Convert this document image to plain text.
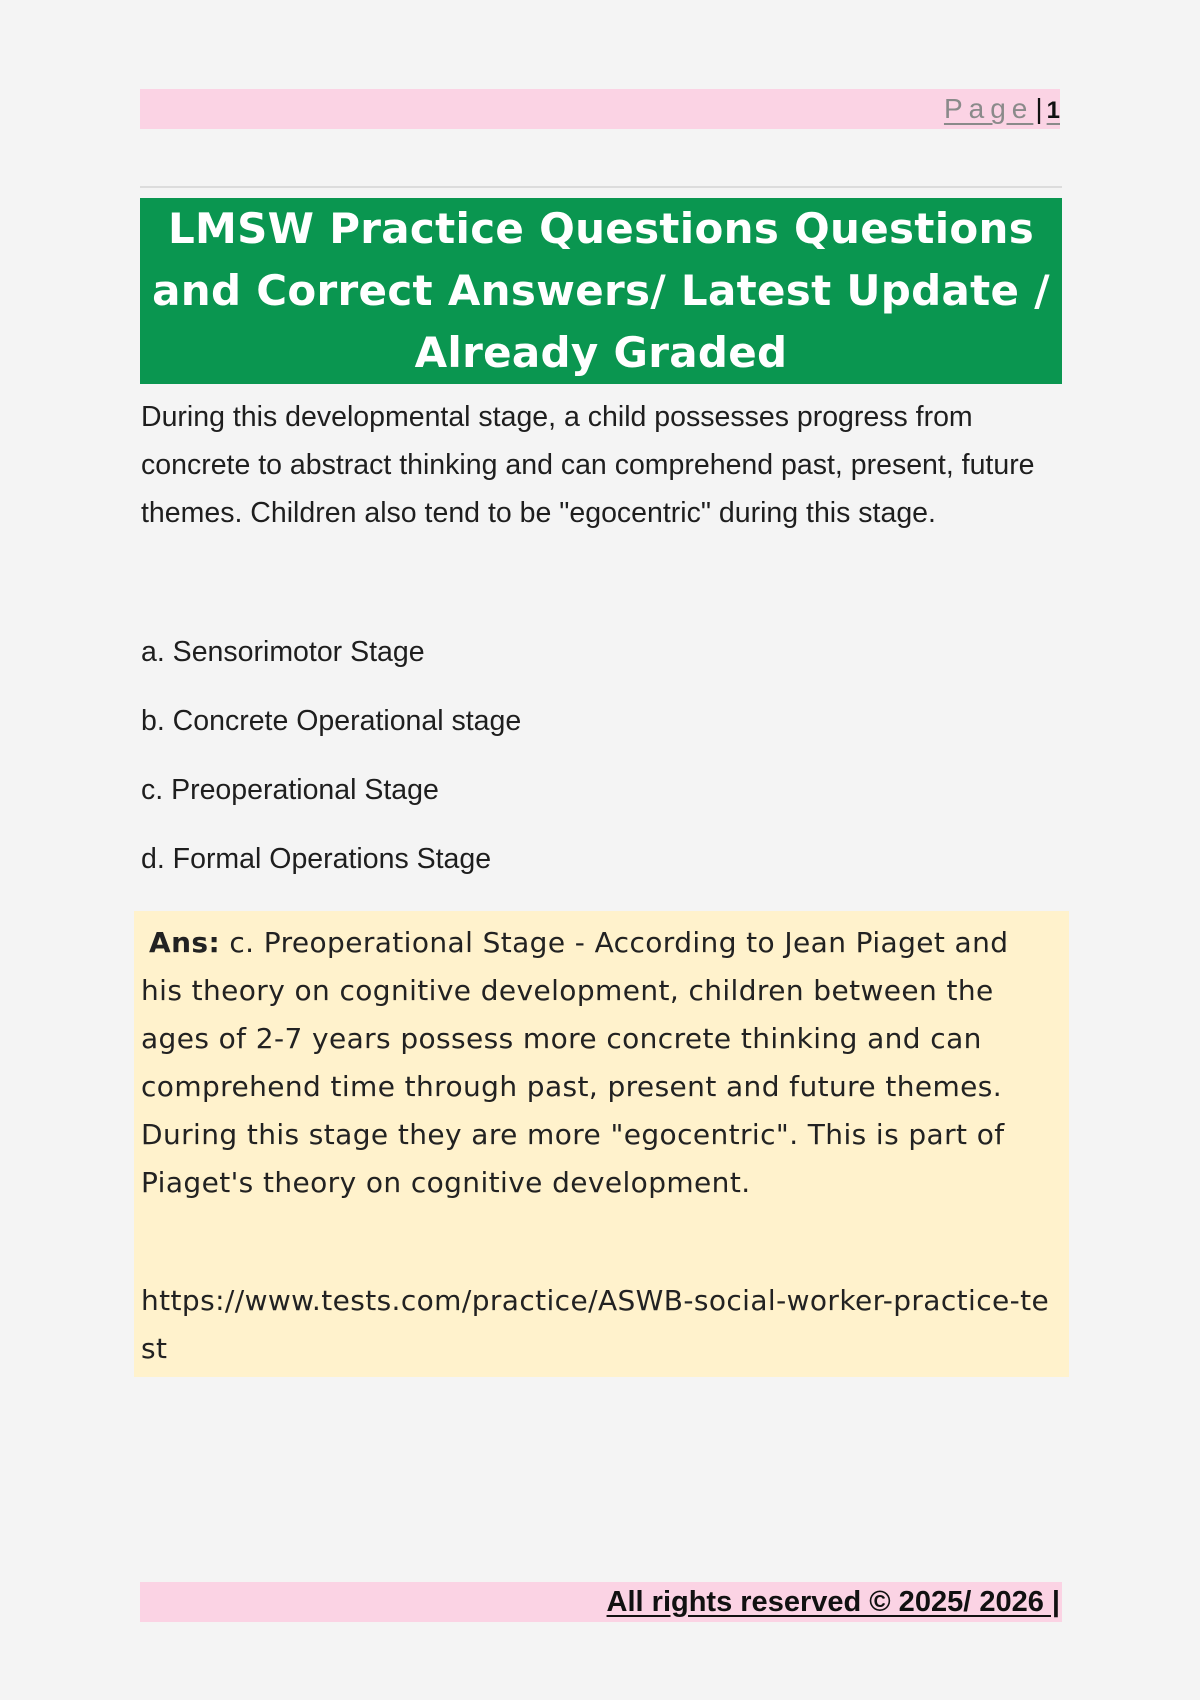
Page| 1
LMSW Practice Questions Questions and Correct Answers/ Latest Update / Already Graded

During this developmental stage, a child possesses progress from concrete to abstract thinking and can comprehend past, present, future themes. Children also tend to be "egocentric" during this stage.

a. Sensorimotor Stage
b. Concrete Operational stage
c. Preoperational Stage
d. Formal Operations Stage

Ans: c. Preoperational Stage - According to Jean Piaget and his theory on cognitive development, children between the ages of 2-7 years possess more concrete thinking and can comprehend time through past, present and future themes. During this stage they are more "egocentric". This is part of Piaget's theory on cognitive development.

https://www.tests.com/practice/ASWB-social-worker-practice-test

All rights reserved © 2025/ 2026 |
